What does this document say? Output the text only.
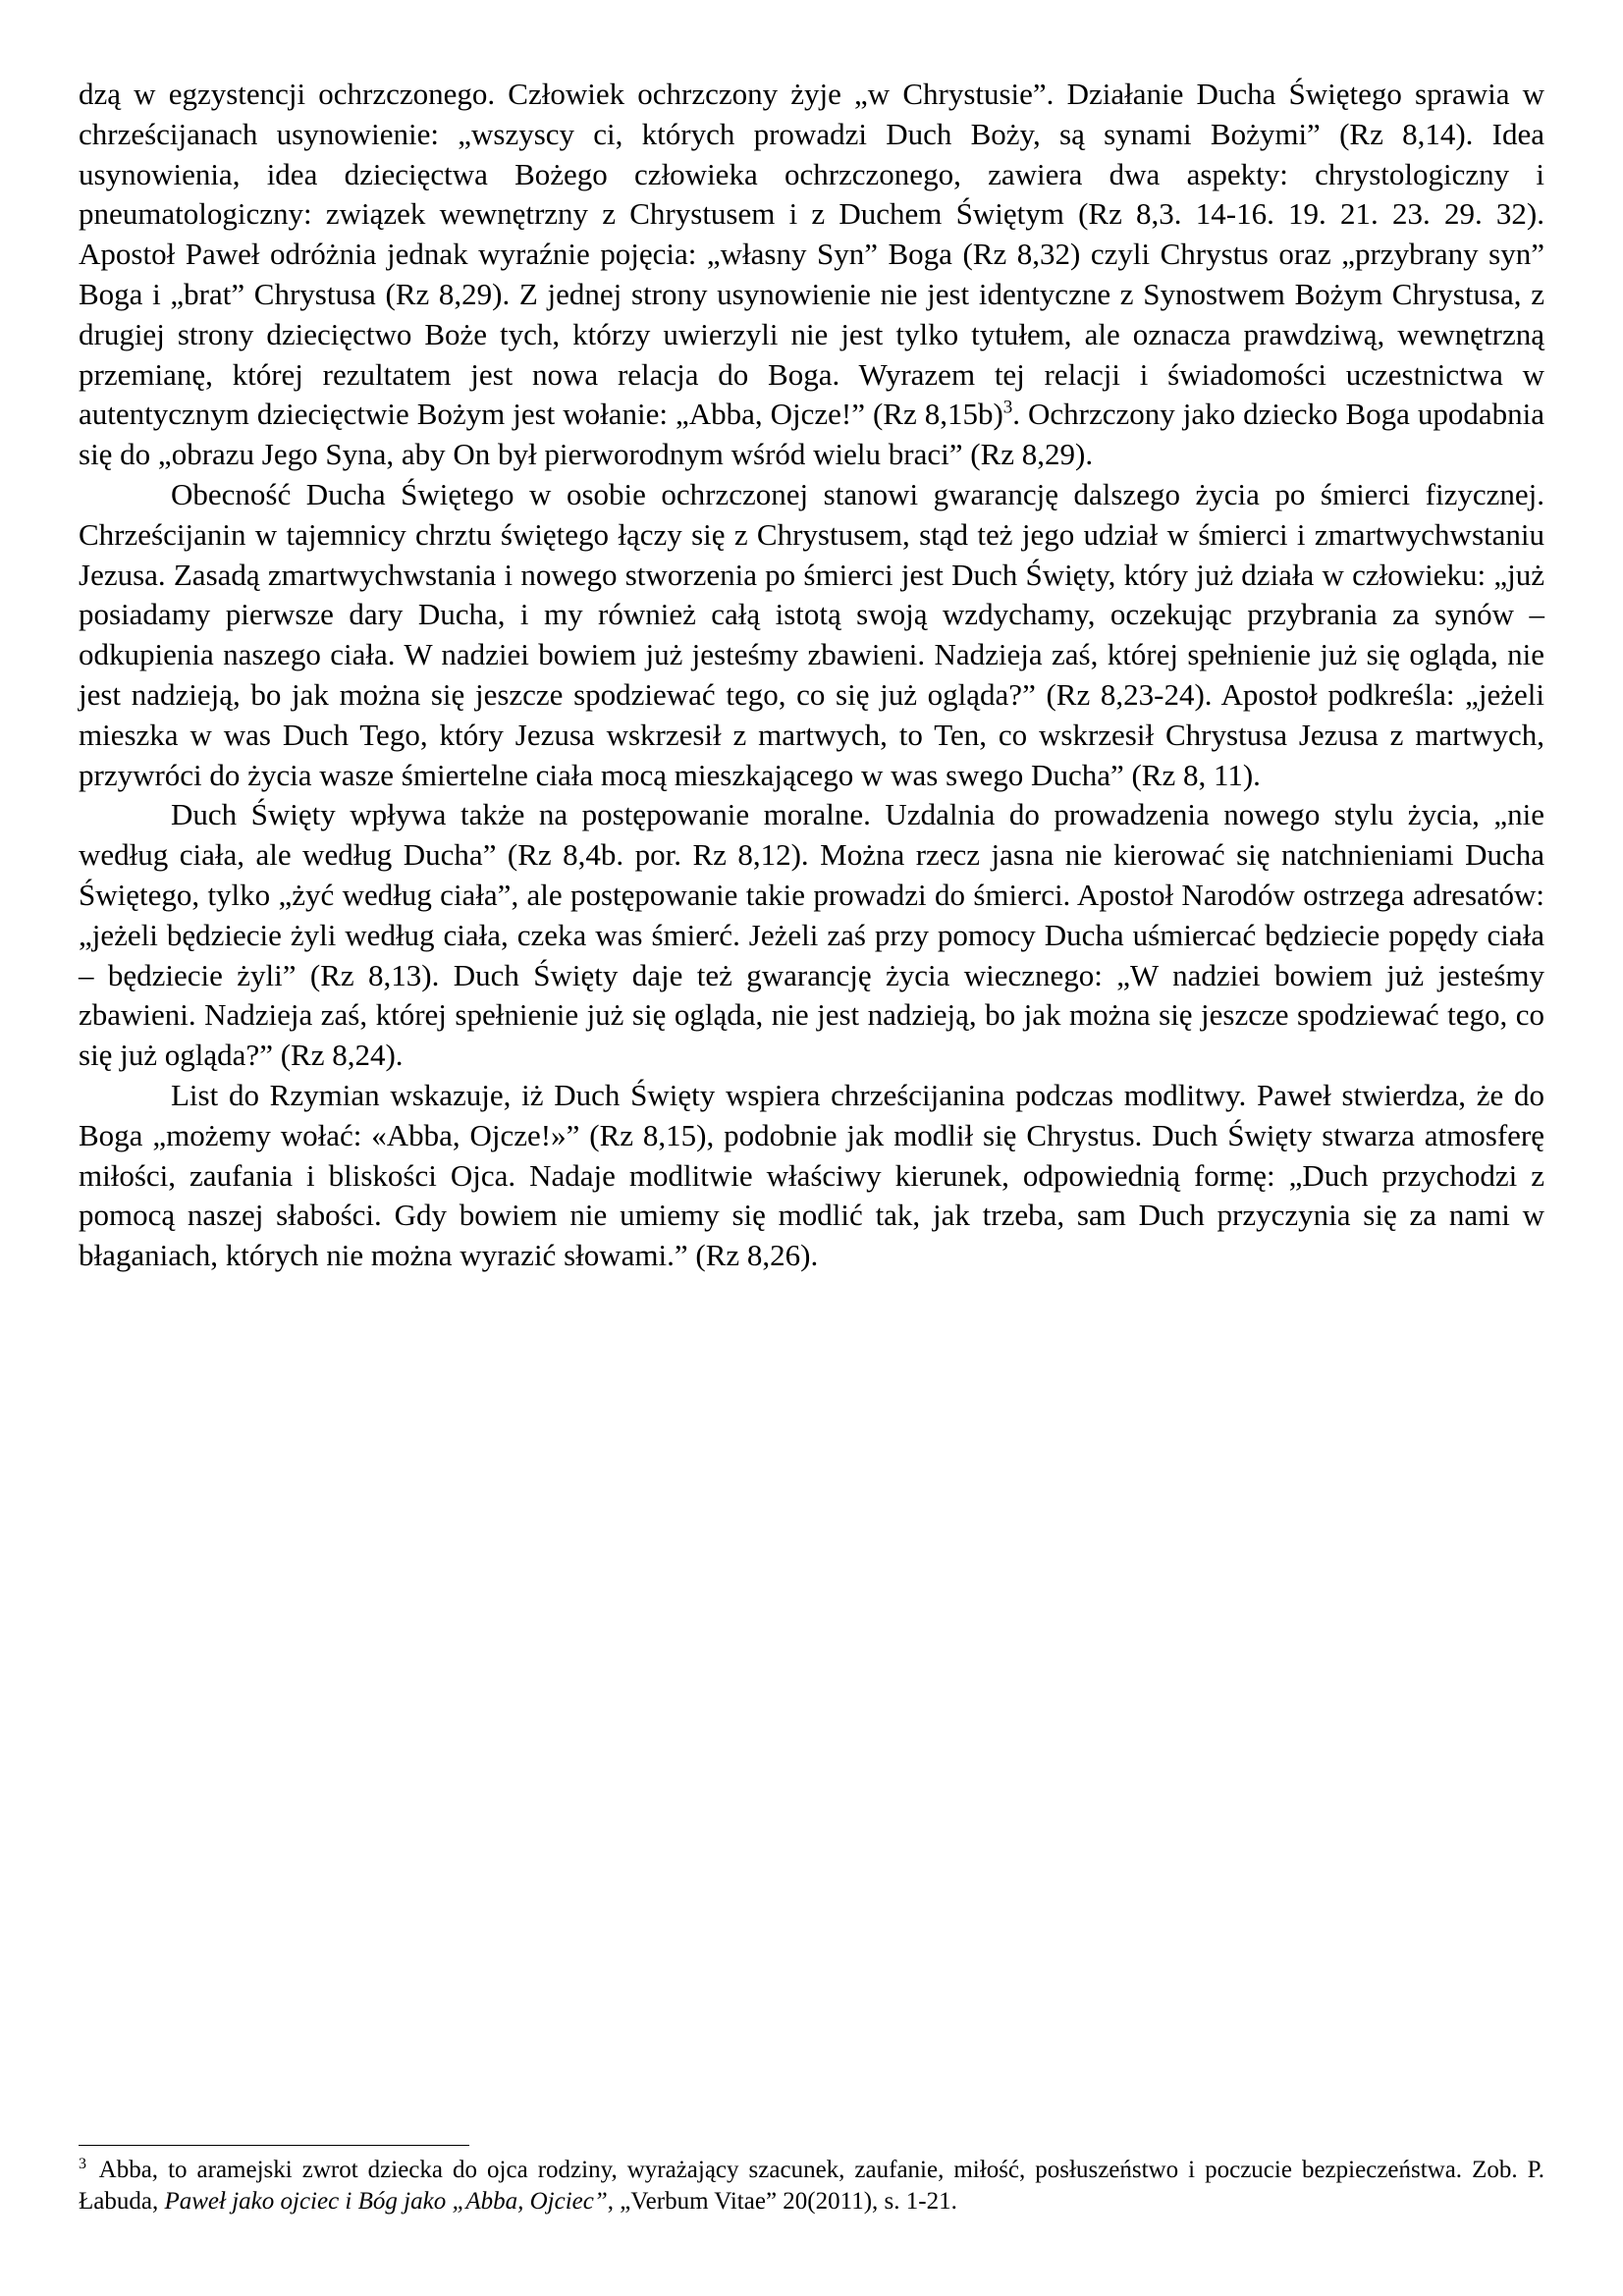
dzą w egzystencji ochrzczonego. Człowiek ochrzczony żyje „w Chrystusie”. Działanie Ducha Świętego sprawia w chrześcijanach usynowienie: „wszyscy ci, których prowadzi Duch Boży, są synami Bożymi” (Rz 8,14). Idea usynowienia, idea dziecięctwa Bożego człowieka ochrzczonego, zawiera dwa aspekty: chrystologiczny i pneumatologiczny: związek wewnętrzny z Chrystusem i z Duchem Świętym (Rz 8,3. 14-16. 19. 21. 23. 29. 32). Apostoł Paweł odróżnia jednak wyraźnie pojęcia: „własny Syn” Boga (Rz 8,32) czyli Chrystus oraz „przybrany syn” Boga i „brat” Chrystusa (Rz 8,29). Z jednej strony usynowienie nie jest identyczne z Synostwem Bożym Chrystusa, z drugiej strony dziecięctwo Boże tych, którzy uwierzyli nie jest tylko tytułem, ale oznacza prawdziwą, wewnętrzną przemianę, której rezultatem jest nowa relacja do Boga. Wyrazem tej relacji i świadomości uczestnictwa w autentycznym dziecięctwie Bożym jest wołanie: „Abba, Ojcze!” (Rz 8,15b)$^3$. Ochrzczony jako dziecko Boga upodabnia się do „obrazu Jego Syna, aby On był pierworodnym wśród wielu braci” (Rz 8,29).

Obecność Ducha Świętego w osobie ochrzczonej stanowi gwarancję dalszego życia po śmierci fizycznej. Chrześcijanin w tajemnicy chrztu świętego łączy się z Chrystusem, stąd też jego udział w śmierci i zmartwychwstaniu Jezusa. Zasadą zmartwychwstania i nowego stworzenia po śmierci jest Duch Święty, który już działa w człowieku: „już posiadamy pierwsze dary Ducha, i my również całą istotą swoją wzdychamy, oczekując przybrania za synów – odkupienia naszego ciała. W nadziei bowiem już jesteśmy zbawieni. Nadzieja zaś, której spełnienie już się ogląda, nie jest nadzieją, bo jak można się jeszcze spodziewać tego, co się już ogląda?” (Rz 8,23-24). Apostoł podkreśla: „jeżeli mieszka w was Duch Tego, który Jezusa wskrzesił z martwych, to Ten, co wskrzesił Chrystusa Jezusa z martwych, przywróci do życia wasze śmiertelne ciała mocą mieszkającego w was swego Ducha” (Rz 8, 11).

Duch Święty wpływa także na postępowanie moralne. Uzdalnia do prowadzenia nowego stylu życia, „nie według ciała, ale według Ducha” (Rz 8,4b. por. Rz 8,12). Można rzecz jasna nie kierować się natchnieniami Ducha Świętego, tylko „żyć według ciała”, ale postępowanie takie prowadzi do śmierci. Apostoł Narodów ostrzega adresatów: „jeżeli będziecie żyli według ciała, czeka was śmierć. Jeżeli zaś przy pomocy Ducha uśmiercać będziecie popędy ciała – będziecie żyli” (Rz 8,13). Duch Święty daje też gwarancję życia wiecznego: „W nadziei bowiem już jesteśmy zbawieni. Nadzieja zaś, której spełnienie już się ogląda, nie jest nadzieją, bo jak można się jeszcze spodziewać tego, co się już ogląda?” (Rz 8,24).

List do Rzymian wskazuje, iż Duch Święty wspiera chrześcijanina podczas modlitwy. Paweł stwierdza, że do Boga „możemy wołać: «Abba, Ojcze!»” (Rz 8,15), podobnie jak modlił się Chrystus. Duch Święty stwarza atmosferę miłości, zaufania i bliskości Ojca. Nadaje modlitwie właściwy kierunek, odpowiednią formę: „Duch przychodzi z pomocą naszej słabości. Gdy bowiem nie umiemy się modlić tak, jak trzeba, sam Duch przyczynia się za nami w błaganiach, których nie można wyrazić słowami.” (Rz 8,26).

$^3$ Abba, to aramejski zwrot dziecka do ojca rodziny, wyrażający szacunek, zaufanie, miłość, posłuszeństwo i poczucie bezpieczeństwa. Zob. P. Łabuda, Paweł jako ojciec i Bóg jako „Abba, Ojciec”, „Verbum Vitae” 20(2011), s. 1-21.
